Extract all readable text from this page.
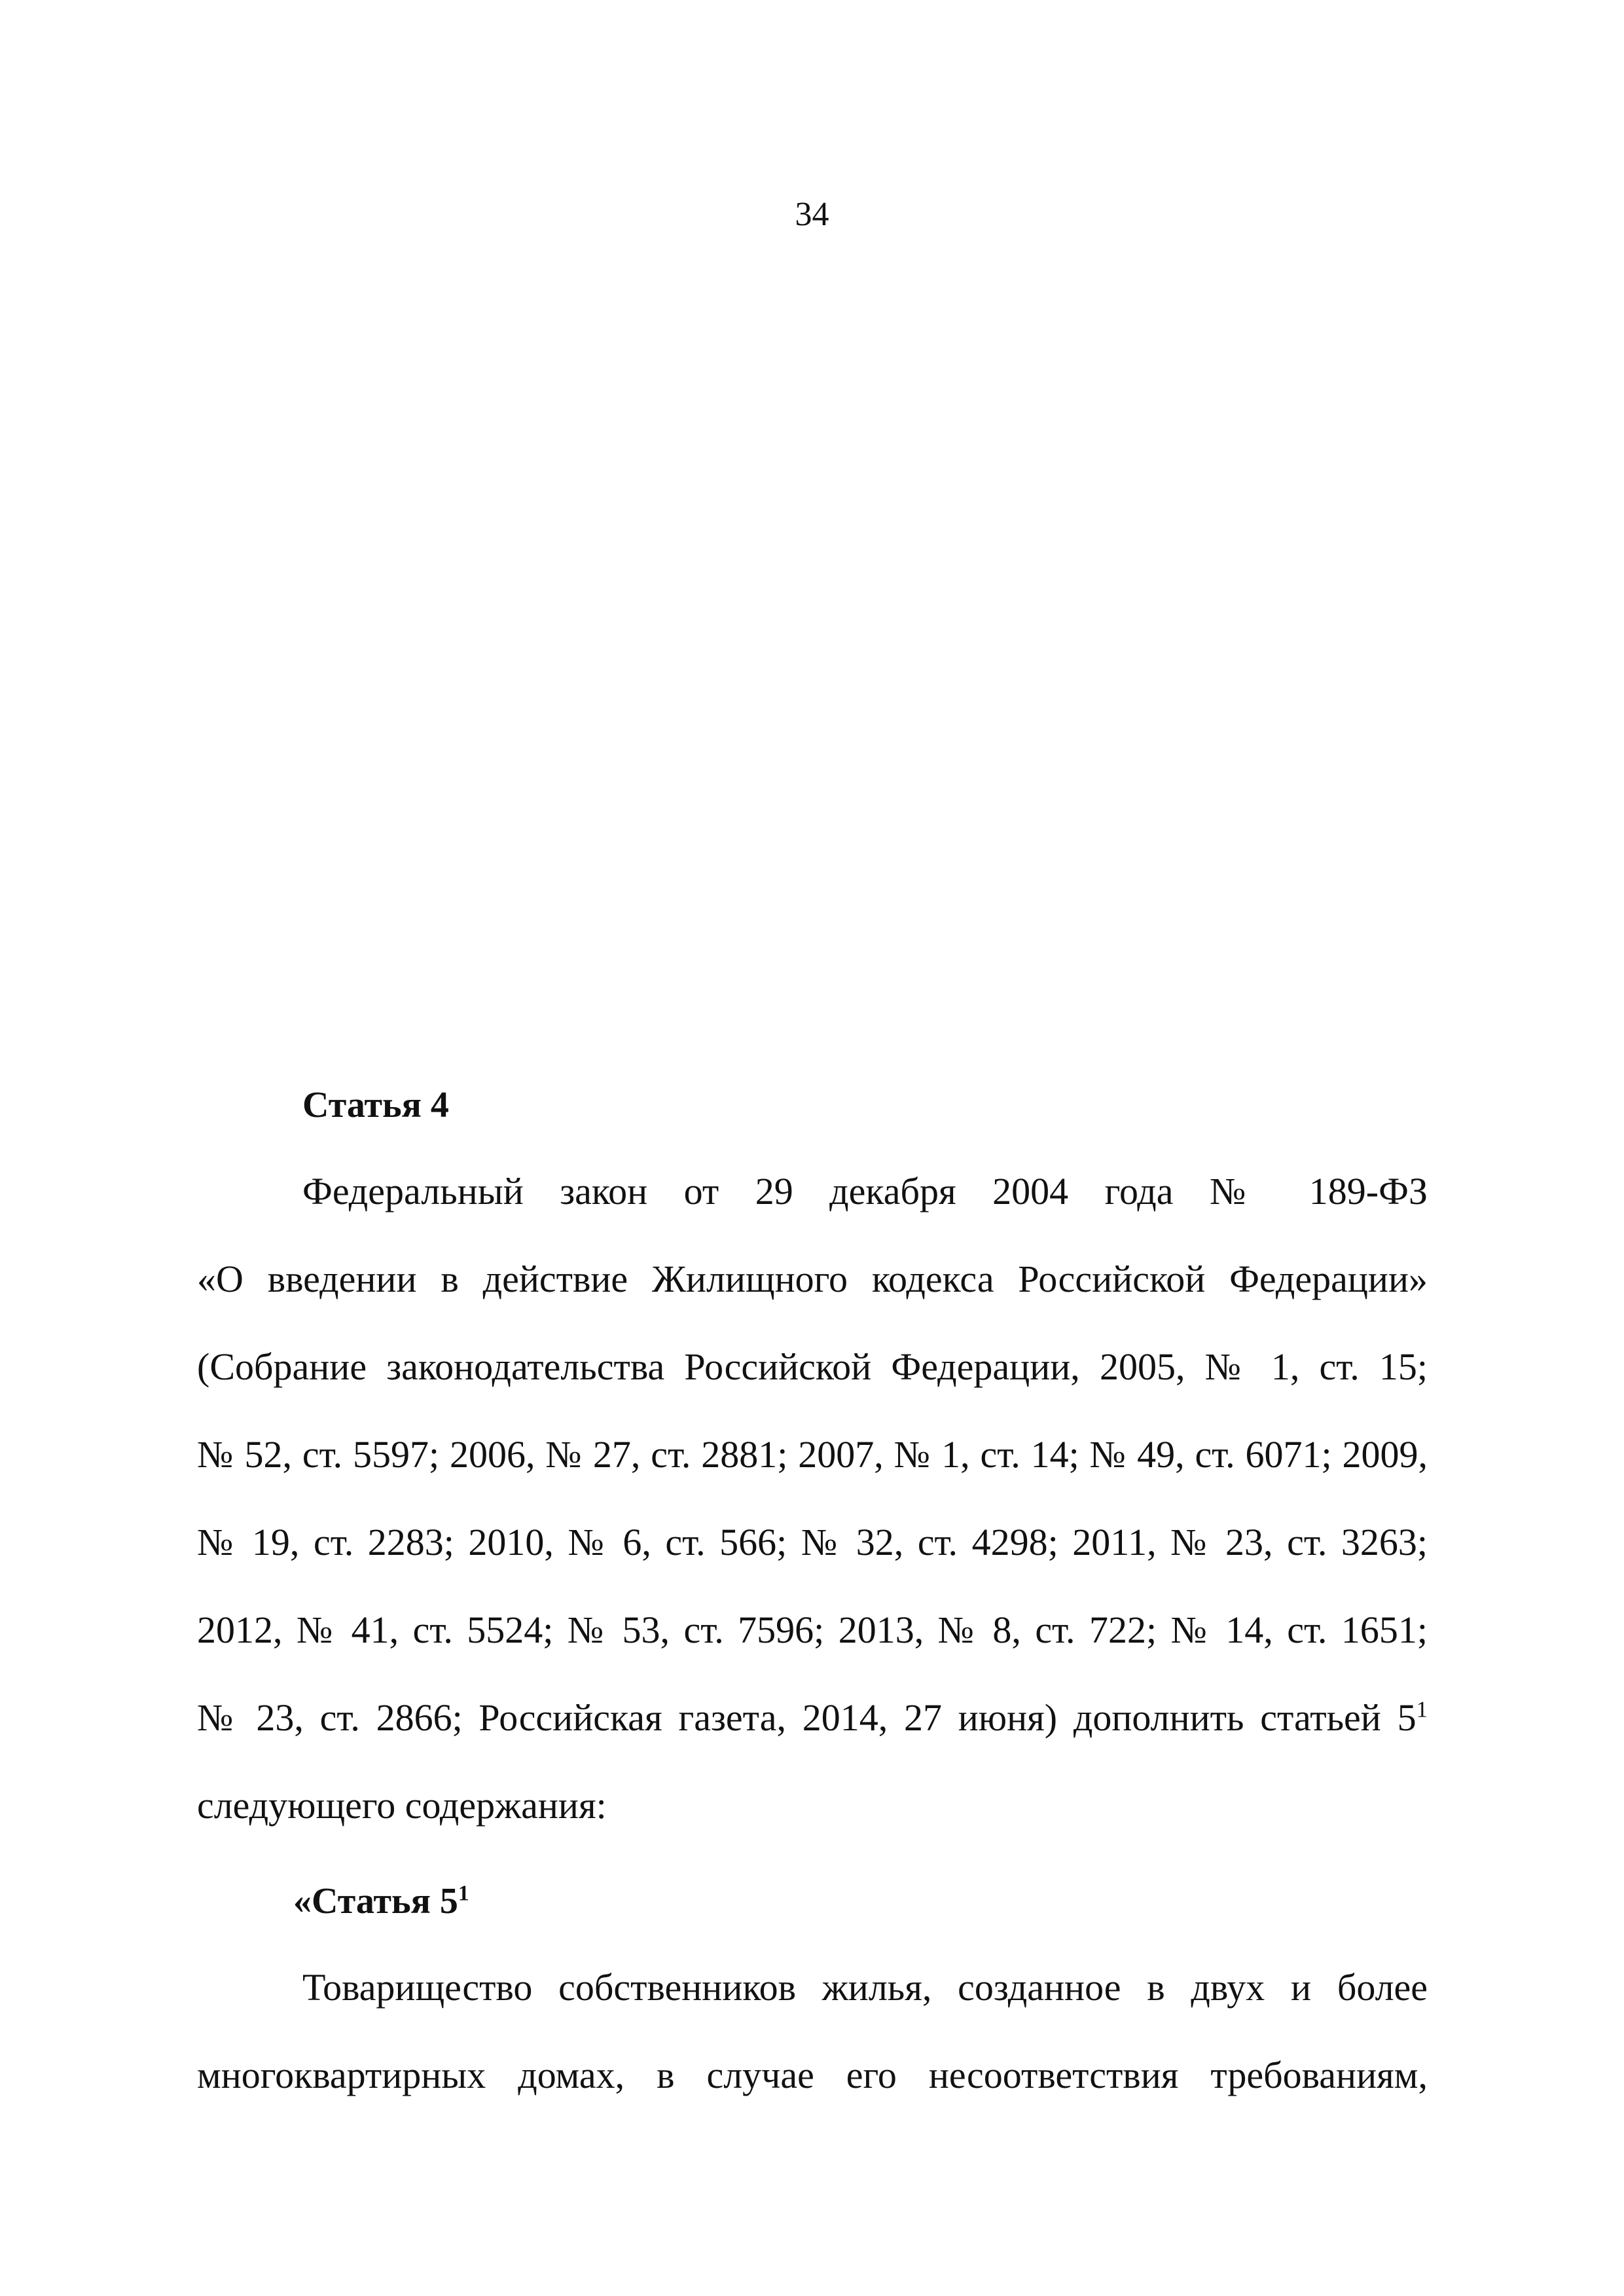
34
Статья 4
Федеральный закон от 29 декабря 2004 года № 189-ФЗ
«О введении в действие Жилищного кодекса Российской Федерации»
(Собрание законодательства Российской Федерации, 2005, № 1, ст. 15;
№ 52, ст. 5597; 2006, № 27, ст. 2881; 2007, № 1, ст. 14; № 49, ст. 6071; 2009,
№ 19, ст. 2283; 2010, № 6, ст. 566; № 32, ст. 4298; 2011, № 23, ст. 3263;
2012, № 41, ст. 5524; № 53, ст. 7596; 2013, № 8, ст. 722; № 14, ст. 1651;
№ 23, ст. 2866; Российская газета, 2014, 27 июня) дополнить статьей $5^1$
следующего содержания:
«Статья $5^1$
Товарищество собственников жилья, созданное в двух и более
многоквартирных домах, в случае его несоответствия требованиям,
